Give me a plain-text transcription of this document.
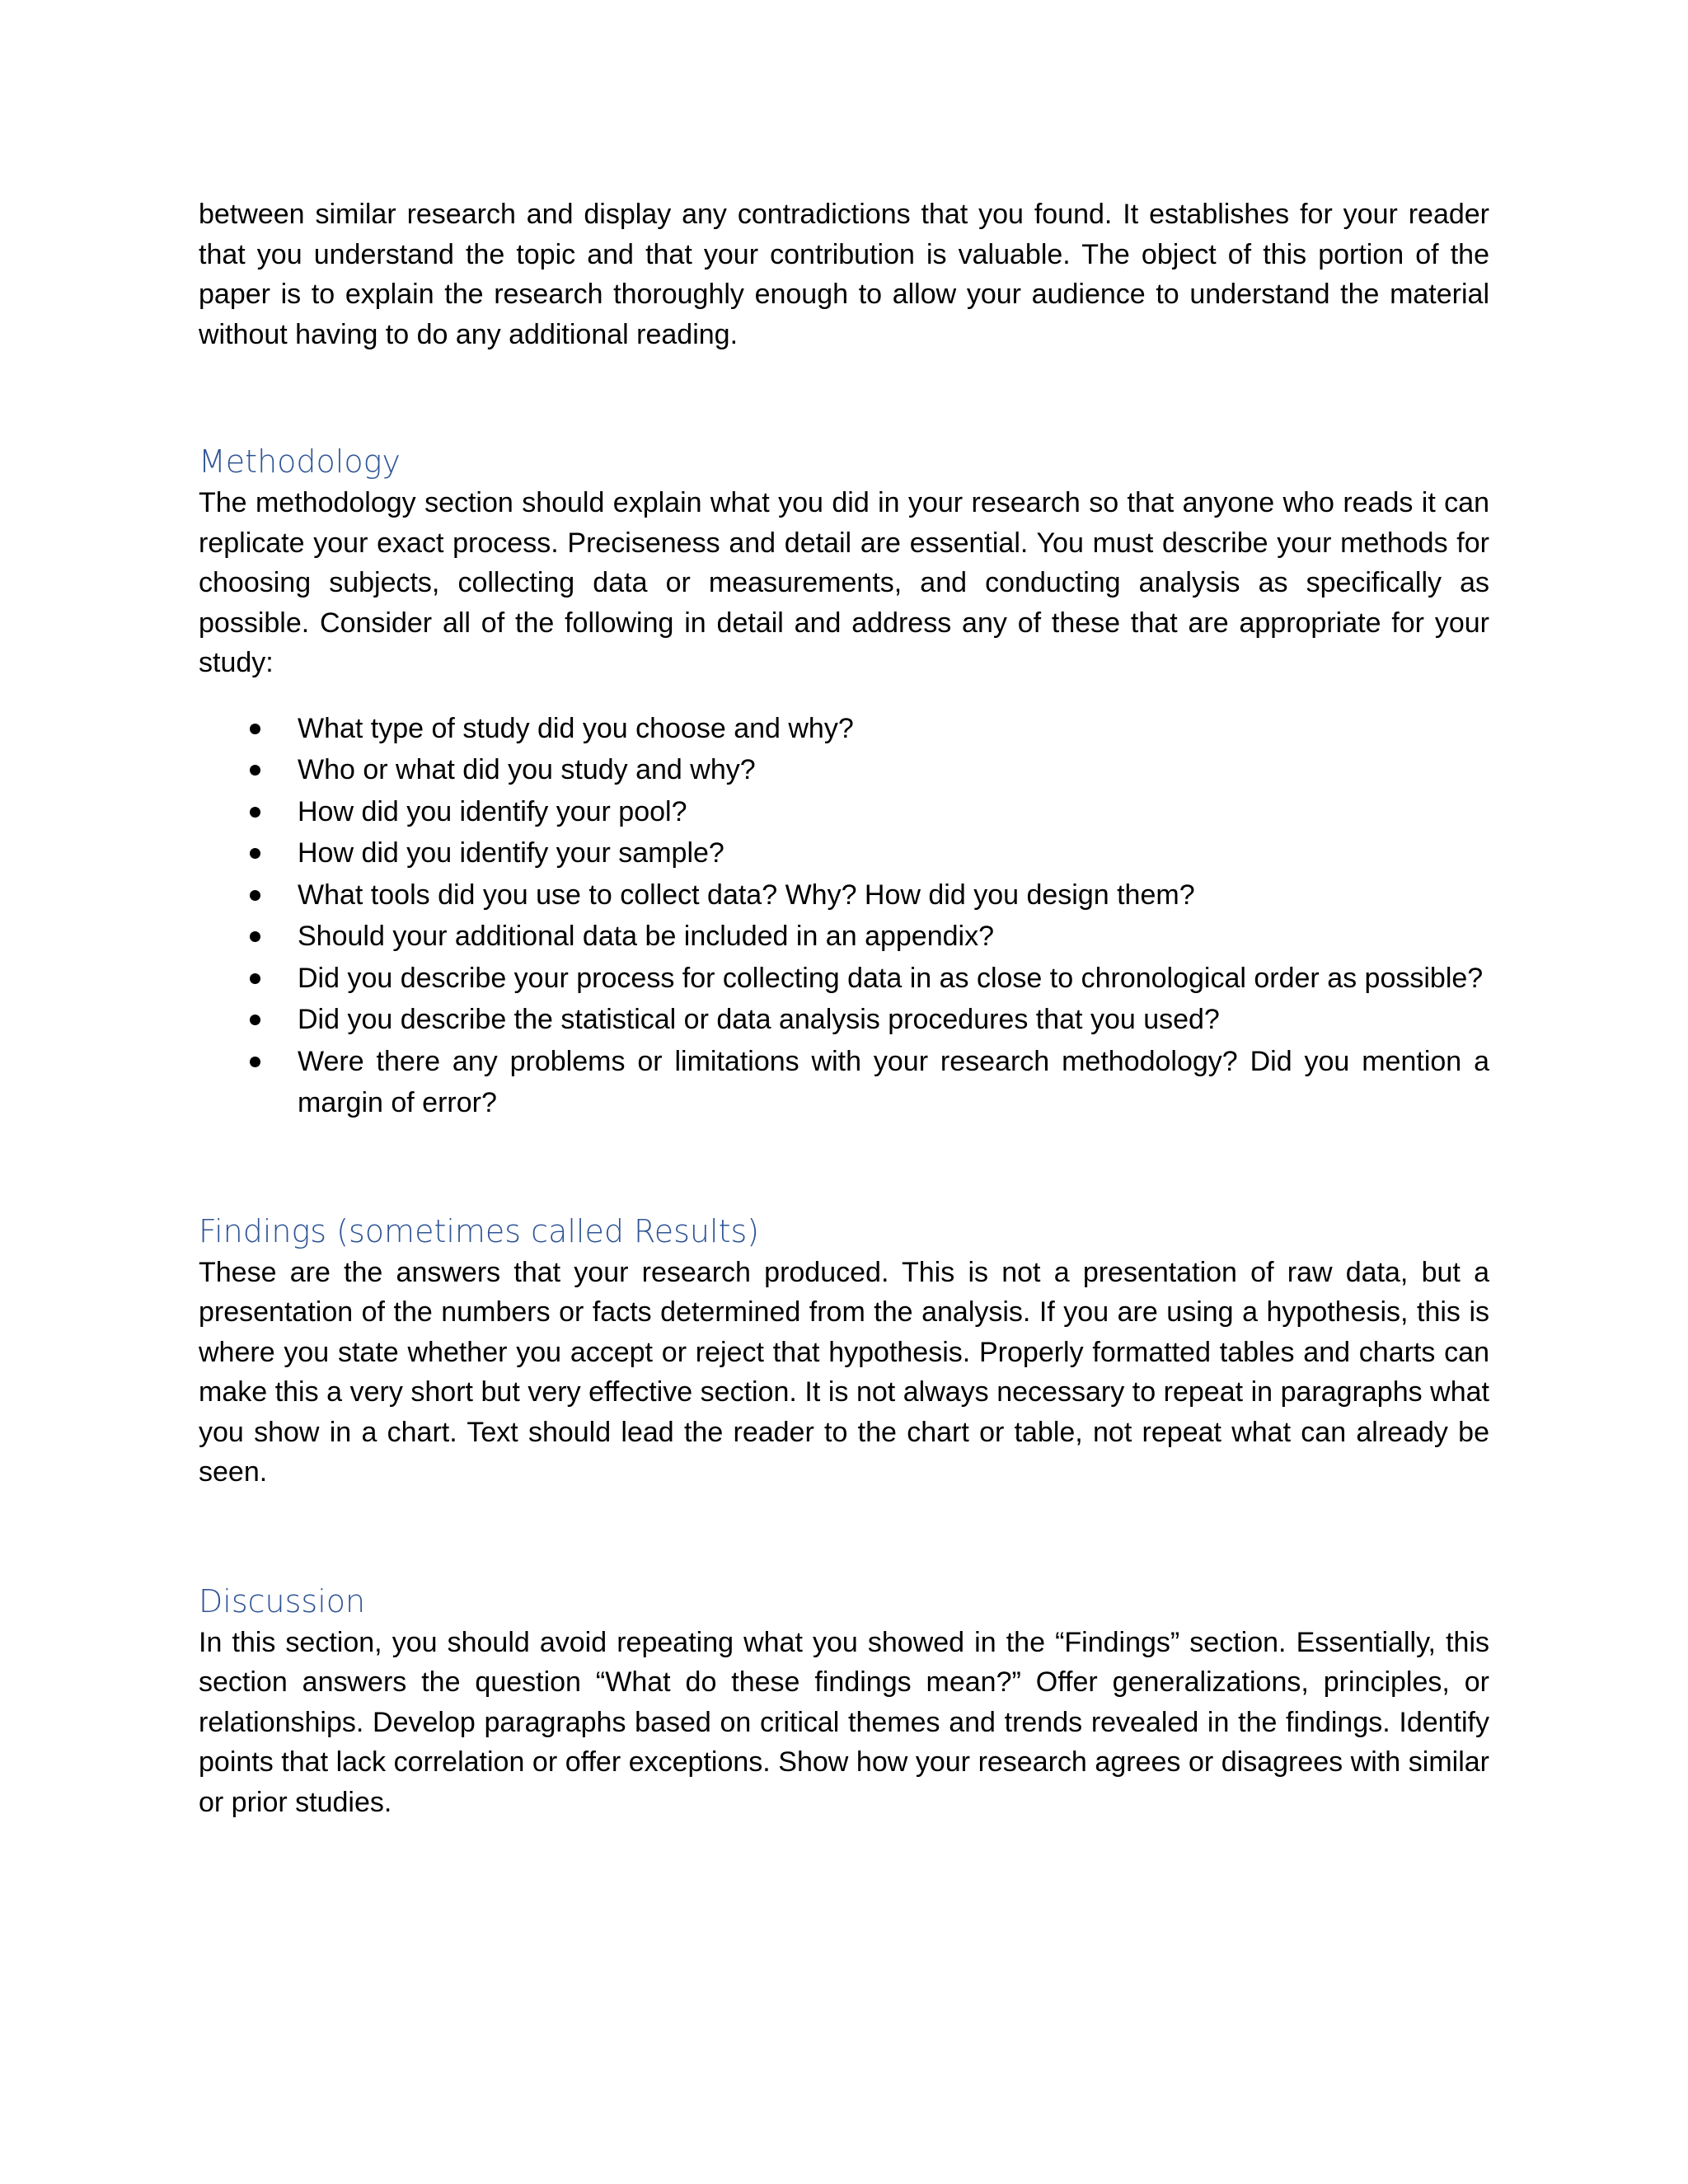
between similar research and display any contradictions that you found. It establishes for your reader that you understand the topic and that your contribution is valuable. The object of this portion of the paper is to explain the research thoroughly enough to allow your audience to understand the material without having to do any additional reading.

Methodology

The methodology section should explain what you did in your research so that anyone who reads it can replicate your exact process. Preciseness and detail are essential. You must describe your methods for choosing subjects, collecting data or measurements, and conducting analysis as specifically as possible. Consider all of the following in detail and address any of these that are appropriate for your study:

What type of study did you choose and why?
Who or what did you study and why?
How did you identify your pool?
How did you identify your sample?
What tools did you use to collect data? Why? How did you design them?
Should your additional data be included in an appendix?
Did you describe your process for collecting data in as close to chronological order as possible?
Did you describe the statistical or data analysis procedures that you used?
Were there any problems or limitations with your research methodology? Did you mention a margin of error?
Findings (sometimes called Results)

These are the answers that your research produced. This is not a presentation of raw data, but a presentation of the numbers or facts determined from the analysis. If you are using a hypothesis, this is where you state whether you accept or reject that hypothesis. Properly formatted tables and charts can make this a very short but very effective section. It is not always necessary to repeat in paragraphs what you show in a chart. Text should lead the reader to the chart or table, not repeat what can already be seen.

Discussion

In this section, you should avoid repeating what you showed in the “Findings” section. Essentially, this section answers the question “What do these findings mean?” Offer generalizations, principles, or relationships. Develop paragraphs based on critical themes and trends revealed in the findings. Identify points that lack correlation or offer exceptions. Show how your research agrees or disagrees with similar or prior studies.
